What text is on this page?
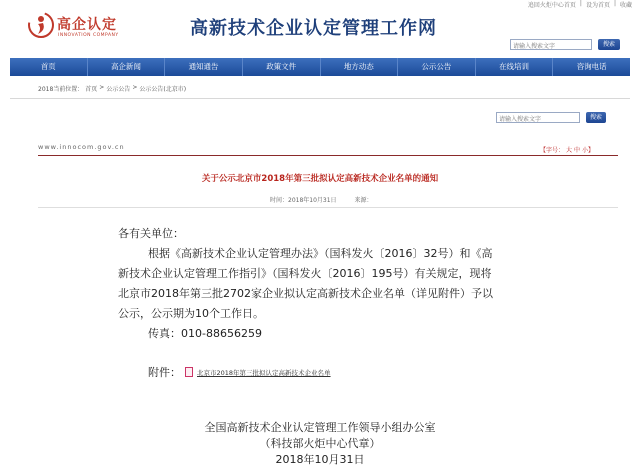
追回火炬中心首页 | 设为首页 | 收藏
高企认定
INNOVATION COMPANY	高新技术企业认定管理工作网
请输入搜索文字	搜索
首页	高企新闻	通知通告	政策文件	地方动态	公示公告	在线培训	咨询电话
2018当前位置： 首页 > 公示公告 > 公示公告(北京市)
请输入搜索文字	搜索
www.innocom.gov.cn	【字号： 大 中 小】
关于公示北京市2018年第三批拟认定高新技术企业名单的通知
时间：2018年10月31日	来源：
各有关单位：
根据《高新技术企业认定管理办法》（国科发火〔2016〕32号）和《高
新技术企业认定管理工作指引》（国科发火〔2016〕195号）有关规定，现将
北京市2018年第三批2702家企业拟认定高新技术企业名单（详见附件）予以
公示，公示期为10个工作日。
传真：010-88656259
附件： 北京市2018年第三批拟认定高新技术企业名单
全国高新技术企业认定管理工作领导小组办公室
（科技部火炬中心代章）
2018年10月31日
